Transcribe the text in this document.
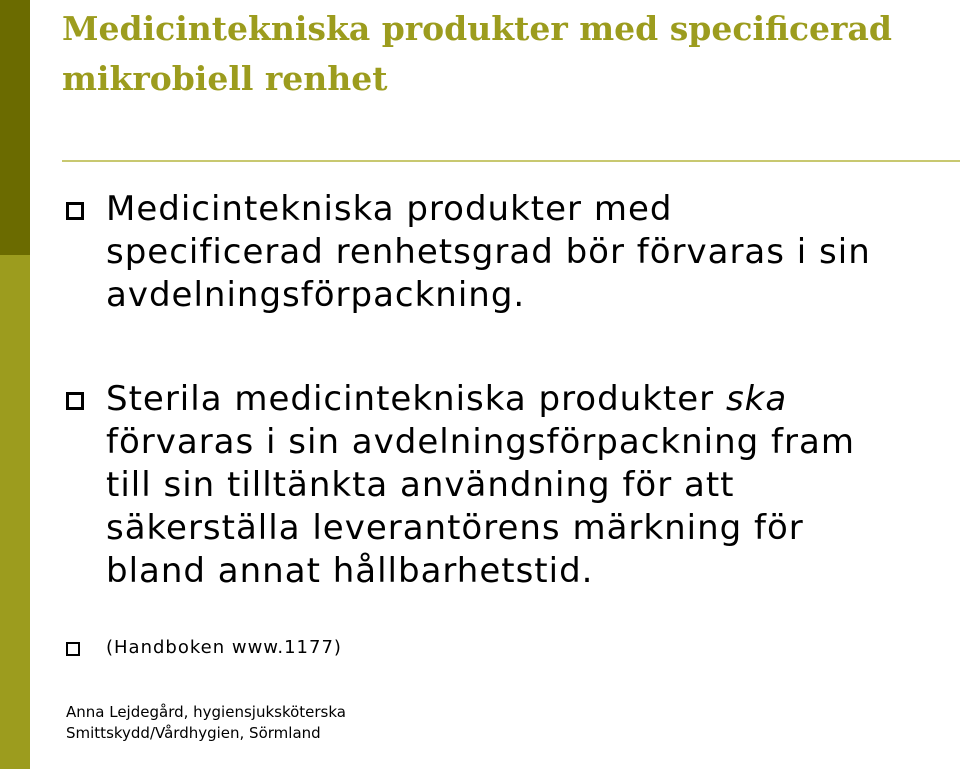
Medicintekniska produkter med specificerad
mikrobiell renhet
Medicintekniska produkter med
specificerad renhetsgrad bör förvaras i sin
avdelningsförpackning.
Sterila medicintekniska produkter ska
förvaras i sin avdelningsförpackning fram
till sin tilltänkta användning för att
säkerställa leverantörens märkning för
bland annat hållbarhetstid.
(Handboken www.1177)
Anna Lejdegård, hygiensjuksköterska
Smittskydd/Vårdhygien, Sörmland
